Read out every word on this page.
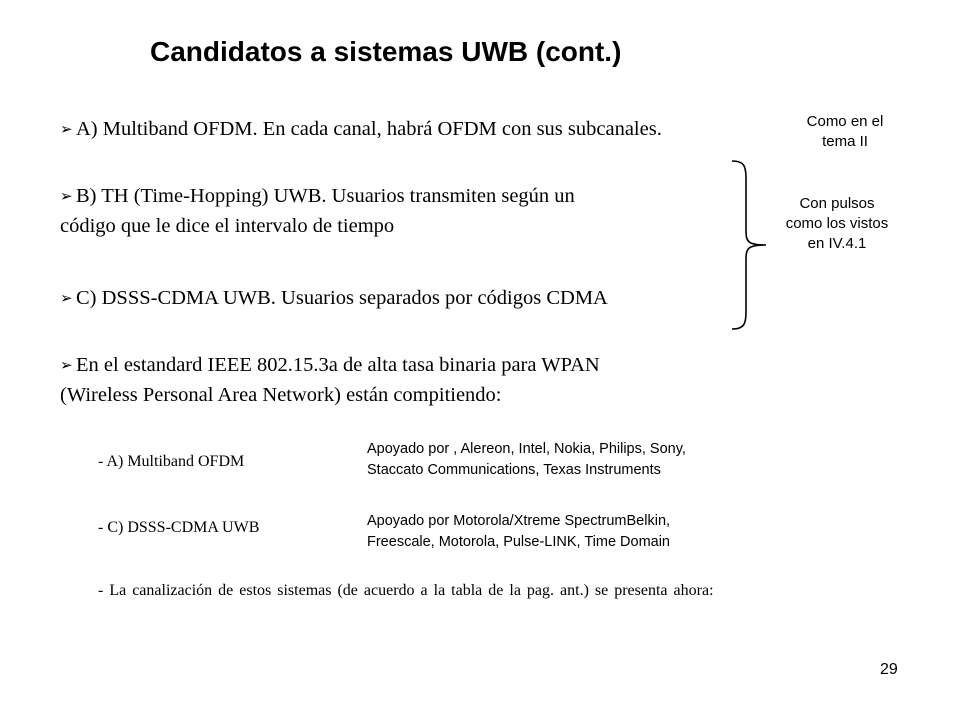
Candidatos a sistemas UWB (cont.)
➢ A) Multiband OFDM. En cada canal, habrá OFDM con sus subcanales.
➢ B) TH (Time-Hopping) UWB. Usuarios transmiten según un
código que le dice el intervalo de tiempo
➢ C) DSSS-CDMA UWB. Usuarios separados por códigos CDMA
➢ En el estandard IEEE 802.15.3a de alta tasa binaria para WPAN
(Wireless Personal Area Network) están compitiendo:
Como en el
tema II
Con pulsos
como los vistos
en IV.4.1
- A) Multiband OFDM
Apoyado por , Alereon, Intel, Nokia, Philips, Sony,
Staccato Communications, Texas Instruments
- C) DSSS-CDMA UWB	Apoyado por Motorola/Xtreme SpectrumBelkin,
Freescale, Motorola, Pulse-LINK, Time Domain
- La canalización de estos sistemas (de acuerdo a la tabla de la pag. ant.) se presenta ahora:
29
